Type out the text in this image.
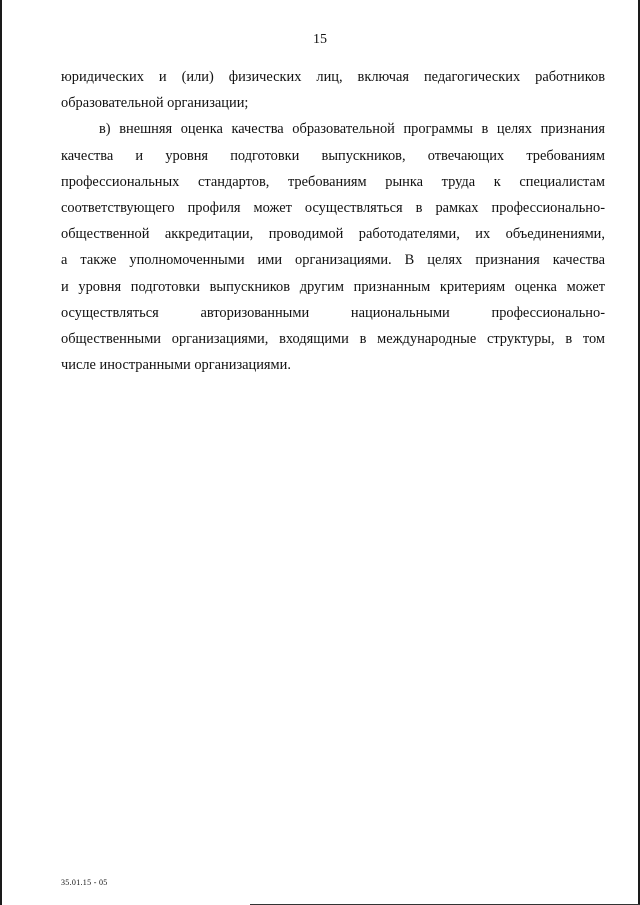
15

юридических и (или) физических лиц, включая педагогических работников
образовательной организации;

в) внешняя оценка качества образовательной программы в целях признания
качества и уровня подготовки выпускников, отвечающих требованиям
профессиональных стандартов, требованиям рынка труда к специалистам
соответствующего профиля может осуществляться в рамках профессионально-
общественной аккредитации, проводимой работодателями, их объединениями,
а также уполномоченными ими организациями. В целях признания качества
и уровня подготовки выпускников другим признанным критериям оценка может
осуществляться авторизованными национальными профессионально-
общественными организациями, входящими в международные структуры, в том
числе иностранными организациями.

35.01.15 - 05
